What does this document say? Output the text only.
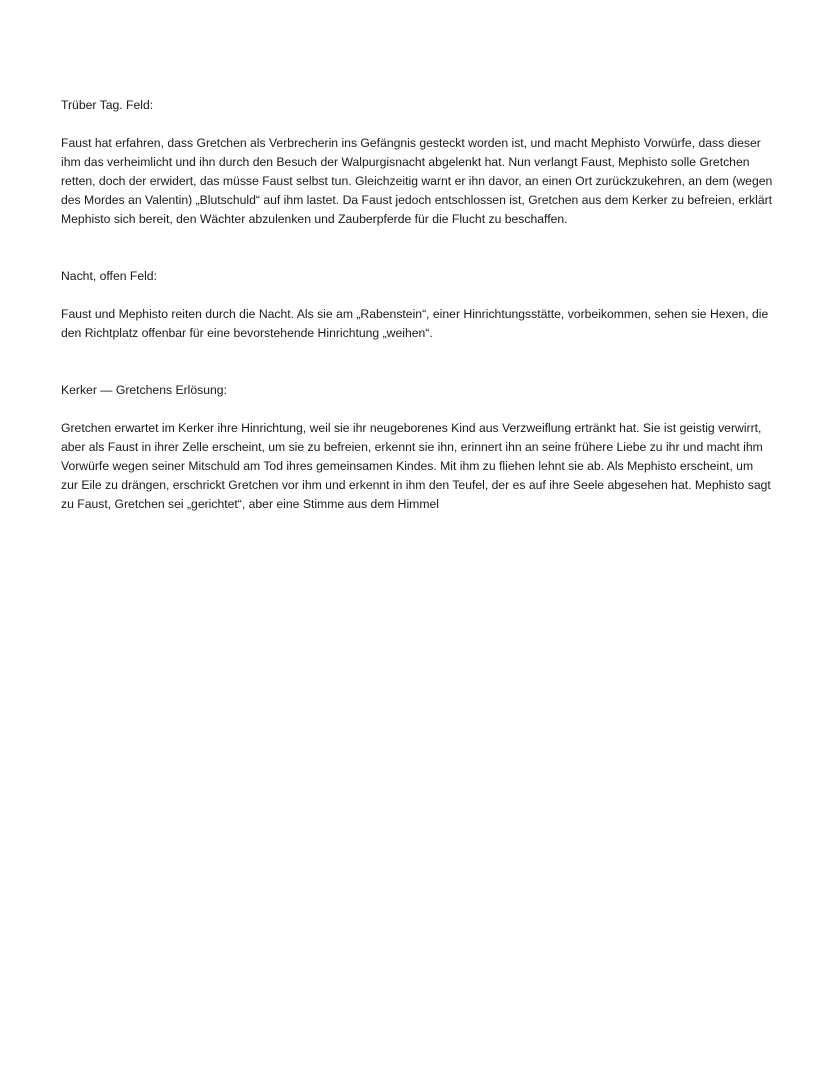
Trüber Tag. Feld:

Faust hat erfahren, dass Gretchen als Verbrecherin ins Gefängnis gesteckt worden ist, und macht Mephisto Vorwürfe, dass dieser ihm das verheimlicht und ihn durch den Besuch der Walpurgisnacht abgelenkt hat. Nun verlangt Faust, Mephisto solle Gretchen retten, doch der erwidert, das müsse Faust selbst tun. Gleichzeitig warnt er ihn davor, an einen Ort zurückzukehren, an dem (wegen des Mordes an Valentin) „Blutschuld“ auf ihm lastet. Da Faust jedoch entschlossen ist, Gretchen aus dem Kerker zu befreien, erklärt Mephisto sich bereit, den Wächter abzulenken und Zauberpferde für die Flucht zu beschaffen.

Nacht, offen Feld:

Faust und Mephisto reiten durch die Nacht. Als sie am „Rabenstein“, einer Hinrichtungsstätte, vorbeikommen, sehen sie Hexen, die den Richtplatz offenbar für eine bevorstehende Hinrichtung „weihen“.

Kerker — Gretchens Erlösung:

Gretchen erwartet im Kerker ihre Hinrichtung, weil sie ihr neugeborenes Kind aus Verzweiflung ertränkt hat. Sie ist geistig verwirrt, aber als Faust in ihrer Zelle erscheint, um sie zu befreien, erkennt sie ihn, erinnert ihn an seine frühere Liebe zu ihr und macht ihm Vorwürfe wegen seiner Mitschuld am Tod ihres gemeinsamen Kindes. Mit ihm zu fliehen lehnt sie ab. Als Mephisto erscheint, um zur Eile zu drängen, erschrickt Gretchen vor ihm und erkennt in ihm den Teufel, der es auf ihre Seele abgesehen hat. Mephisto sagt zu Faust, Gretchen sei „gerichtet“, aber eine Stimme aus dem Himmel
